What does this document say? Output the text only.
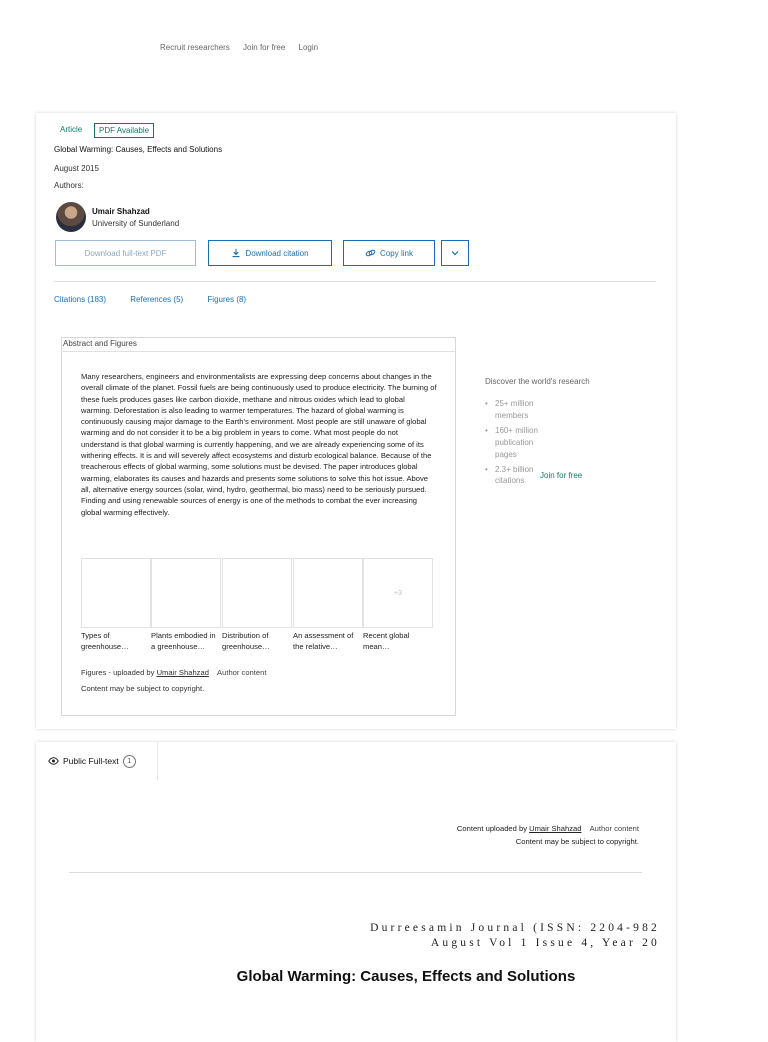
Recruit researchers Join for free Login
Article	PDF Available
Global Warming: Causes, Effects and Solutions
August 2015
Authors:
Umair Shahzad
University of Sunderland
Download full-text PDF	Download citation	Copy link
Citations (183)	References (5)	Figures (8)
Abstract and Figures

Many researchers, engineers and environmentalists are expressing deep concerns about changes in the overall climate of the planet. Fossil fuels are being continuously used to produce electricity. The burning of these fuels produces gases like carbon dioxide, methane and nitrous oxides which lead to global warming. Deforestation is also leading to warmer temperatures. The hazard of global warming is continuously causing major damage to the Earth's environment. Most people are still unaware of global warming and do not consider it to be a big problem in years to come. What most people do not understand is that global warming is currently happening, and we are already experiencing some of its withering effects. It is and will severely affect ecosystems and disturb ecological balance. Because of the treacherous effects of global warming, some solutions must be devised. The paper introduces global warming, elaborates its causes and hazards and presents some solutions to solve this hot issue. Above all, alternative energy sources (solar, wind, hydro, geothermal, bio mass) need to be seriously pursued. Finding and using renewable sources of energy is one of the methods to combat the ever increasing global warming effectively.

Types of greenhouse…
Plants embodied in a greenhouse…
Distribution of greenhouse…
An assessment of the relative…
+3
Recent global mean…
Figures - uploaded by Umair Shahzad Author content
Content may be subject to copyright.
Discover the world's research
• 25+ million members
• 160+ million publication pages
• 2.3+ billion
citations
Join for free
Public Full-text	1
Content uploaded by Umair Shahzad Author content
Content may be subject to copyright.
Durreesamin Journal (ISSN: 2204-982
August Vol 1 Issue 4, Year 20
Global Warming: Causes, Effects and Solutions
